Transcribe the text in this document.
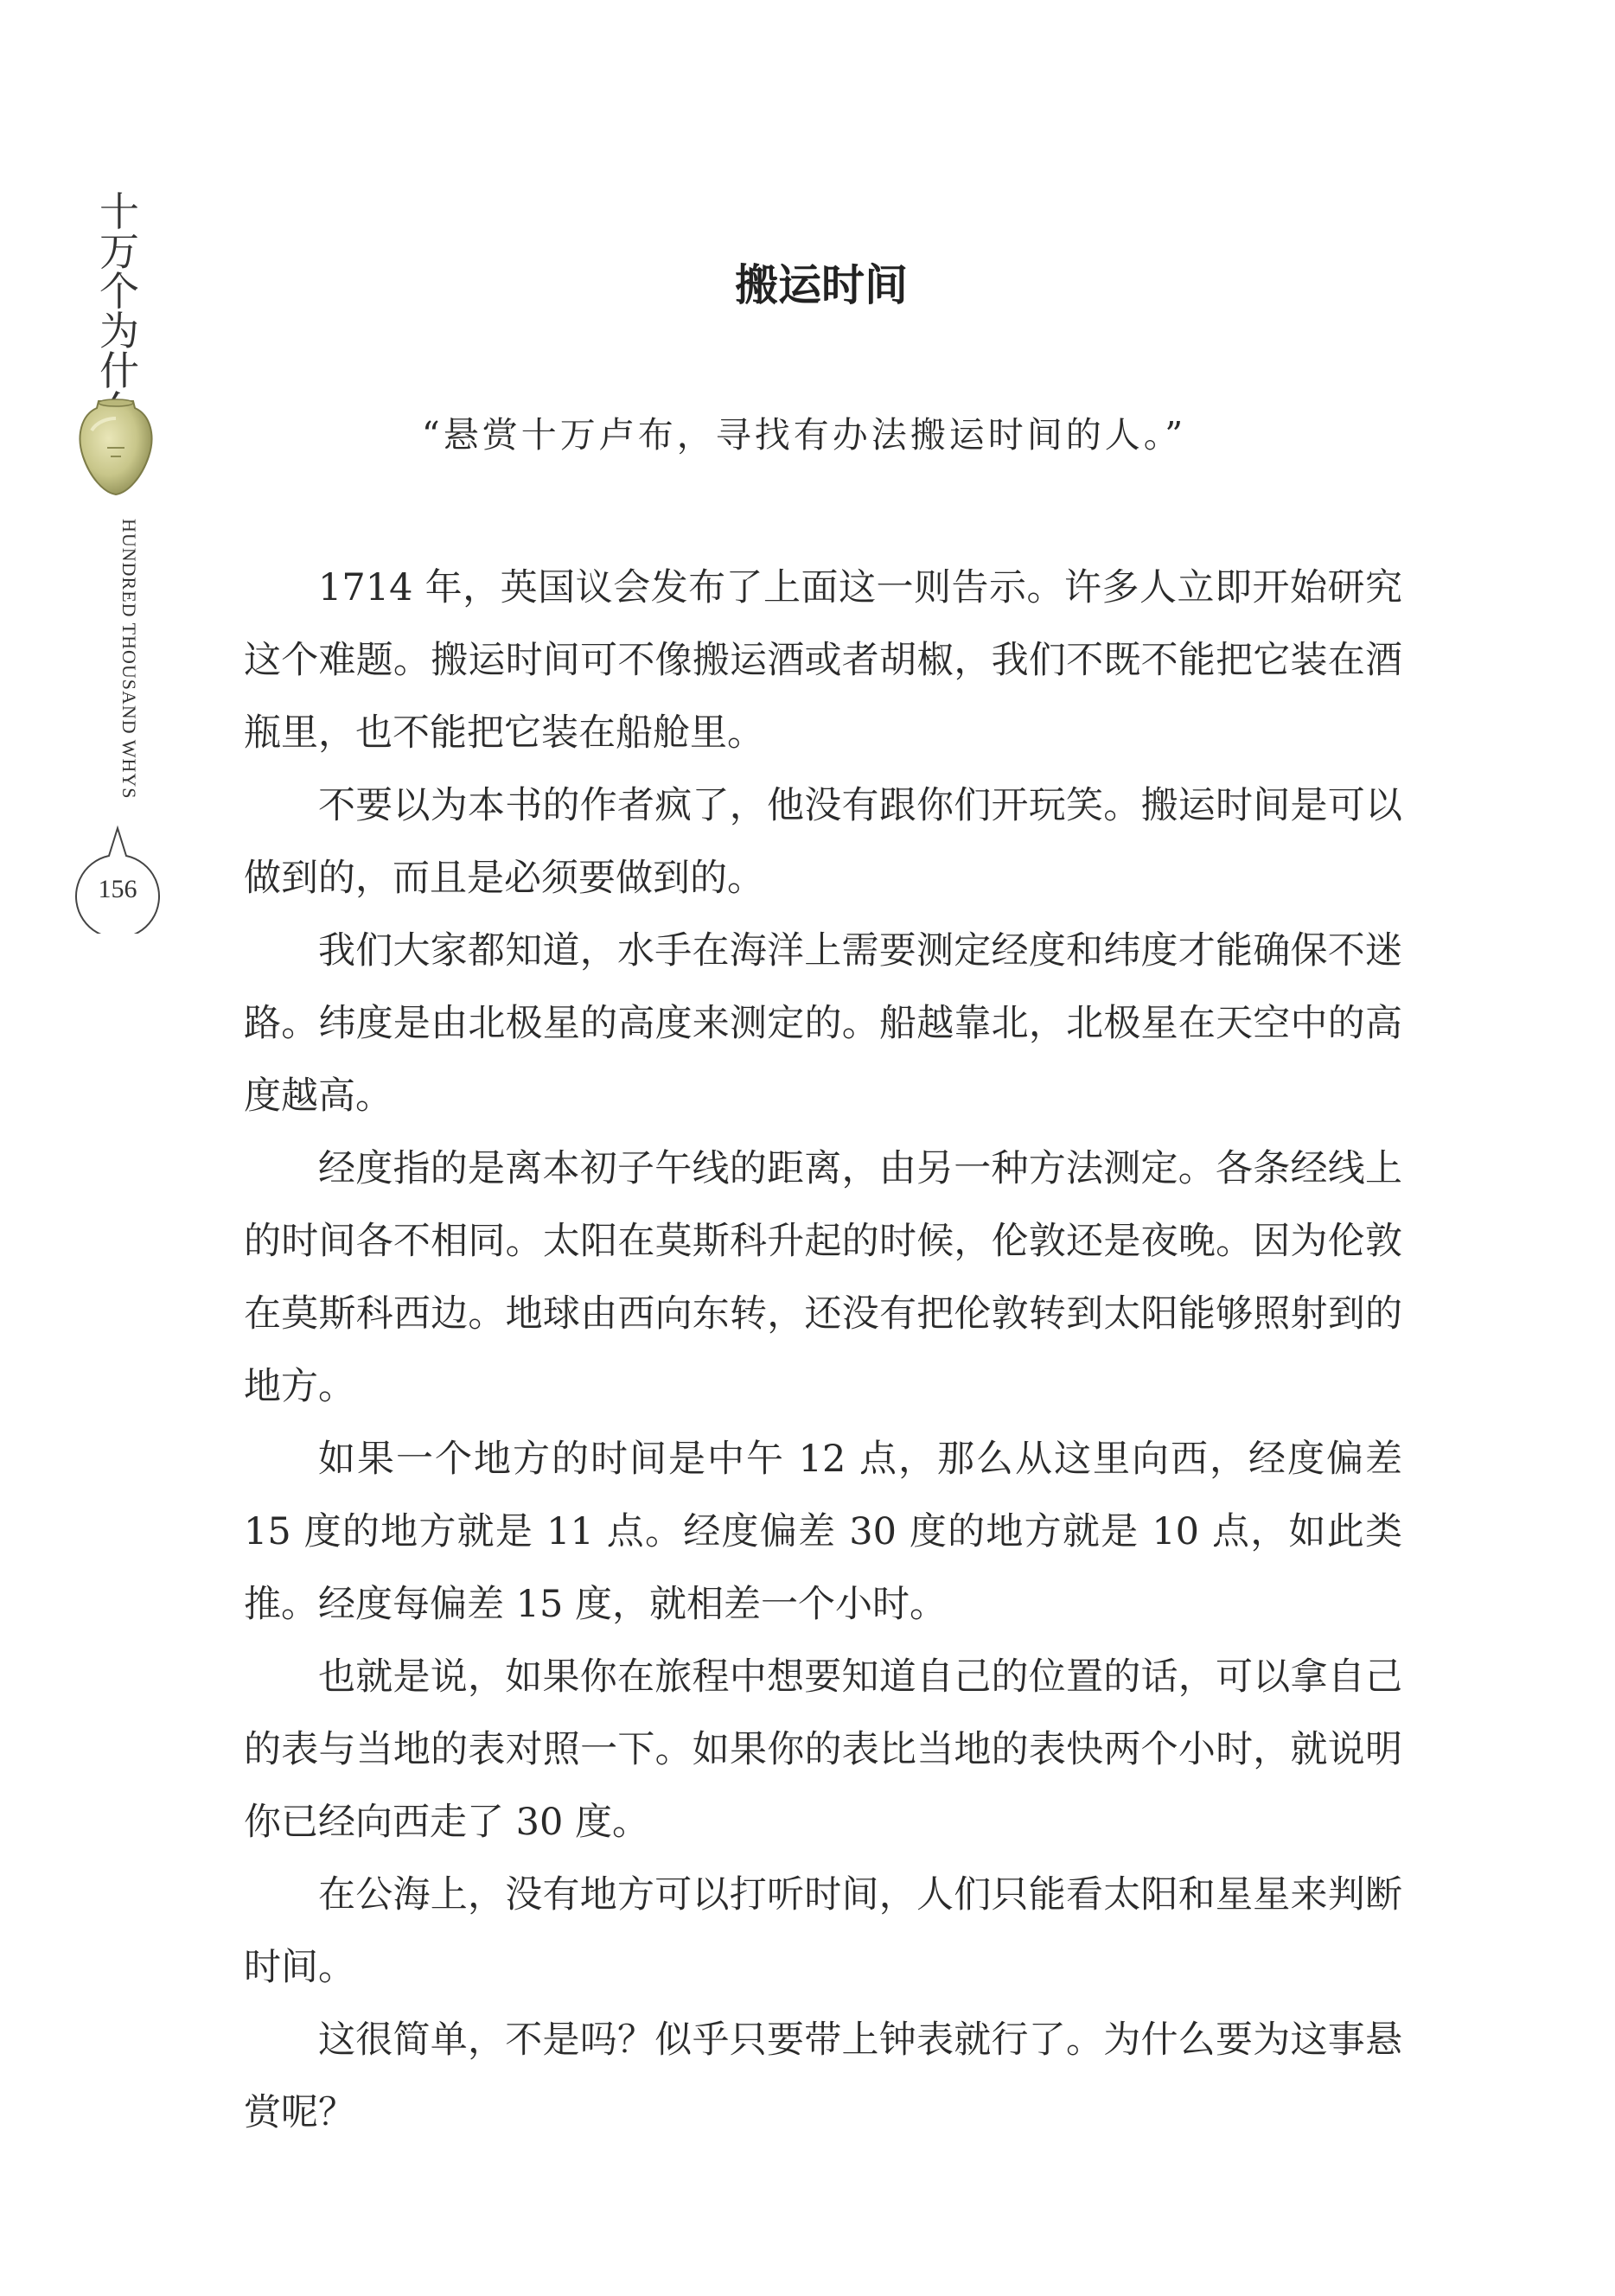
十
万
个
为
什
HUNDRED THOUSAND WHYS
156
搬运时间
“悬赏十万卢布，寻找有办法搬运时间的人。”

1714 年，英国议会发布了上面这一则告示。许多人立即开始研究这个难题。搬运时间可不像搬运酒或者胡椒，我们不既不能把它装在酒瓶里，也不能把它装在船舱里。

不要以为本书的作者疯了，他没有跟你们开玩笑。搬运时间是可以做到的，而且是必须要做到的。

我们大家都知道，水手在海洋上需要测定经度和纬度才能确保不迷路。纬度是由北极星的高度来测定的。船越靠北，北极星在天空中的高度越高。

经度指的是离本初子午线的距离，由另一种方法测定。各条经线上的时间各不相同。太阳在莫斯科升起的时候，伦敦还是夜晚。因为伦敦在莫斯科西边。地球由西向东转，还没有把伦敦转到太阳能够照射到的地方。

如果一个地方的时间是中午 12 点，那么从这里向西，经度偏差 15 度的地方就是 11 点。经度偏差 30 度的地方就是 10 点，如此类推。经度每偏差 15 度，就相差一个小时。

也就是说，如果你在旅程中想要知道自己的位置的话，可以拿自己的表与当地的表对照一下。如果你的表比当地的表快两个小时，就说明你已经向西走了 30 度。

在公海上，没有地方可以打听时间，人们只能看太阳和星星来判断时间。

这很简单，不是吗？似乎只要带上钟表就行了。为什么要为这事悬赏呢？
